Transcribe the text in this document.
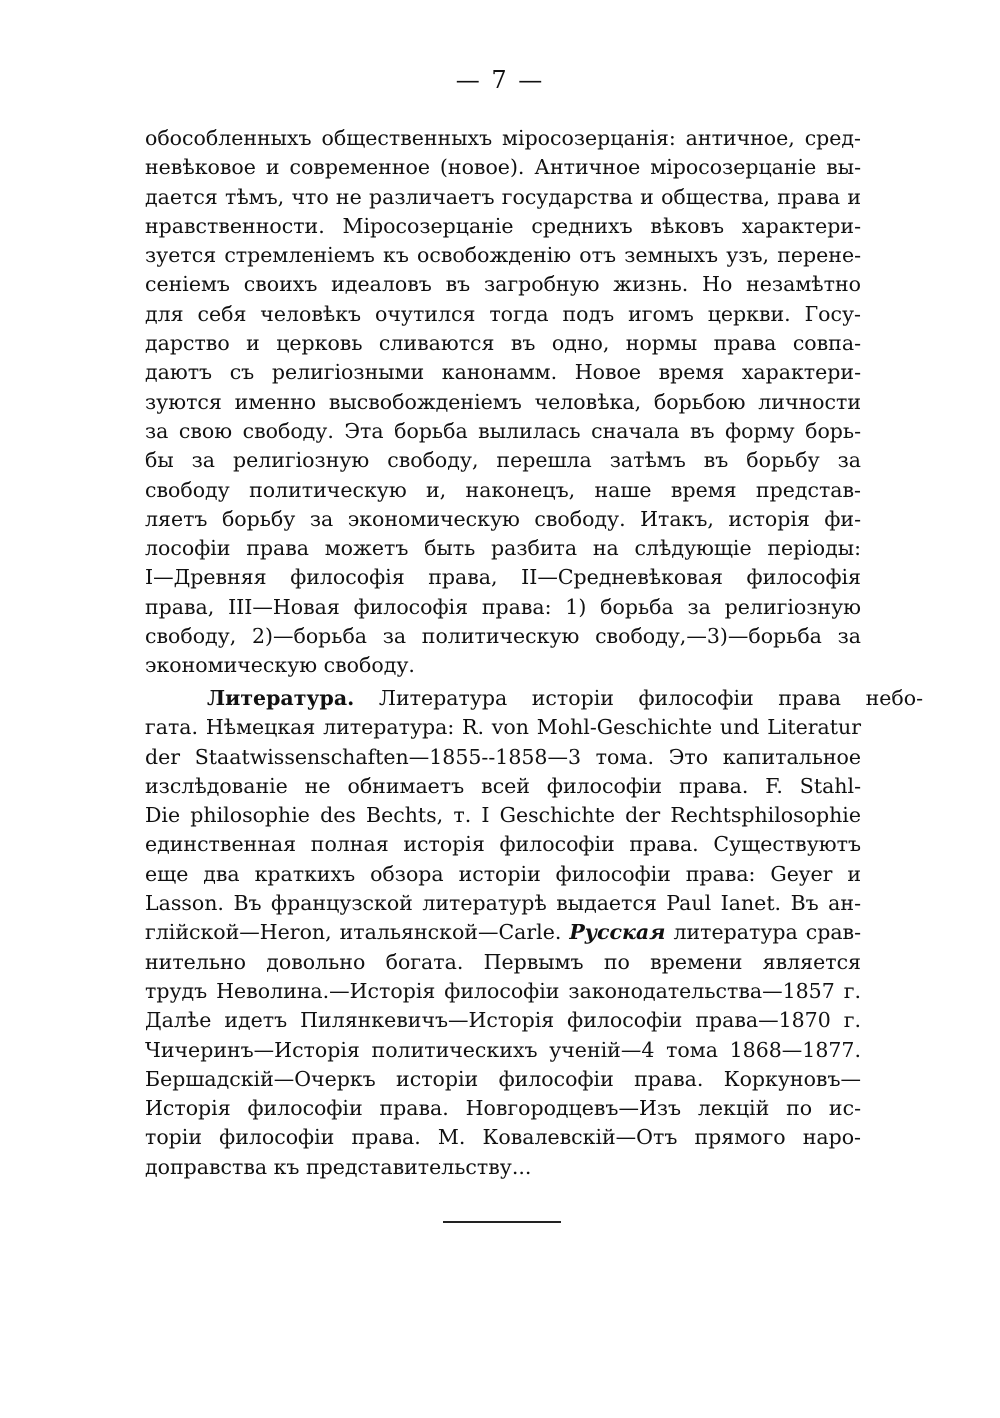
— 7 —
обособленныхъ общественныхъ міросозерцанія: античное, сред-
невѣковое и современное (новое). Античное міросозерцаніе вы-
дается тѣмъ, что не различаетъ государства и общества, права и
нравственности. Міросозерцаніе среднихъ вѣковъ характери-
зуется стремленіемъ къ освобожденію отъ земныхъ узъ, перене-
сеніемъ своихъ идеаловъ въ загробную жизнь. Но незамѣтно
для себя человѣкъ очутился тогда подъ игомъ церкви. Госу-
дарство и церковь сливаются въ одно, нормы права совпа-
даютъ съ религіозными канонамм. Новое время характери-
зуются именно высвобожденіемъ человѣка, борьбою личности
за свою свободу. Эта борьба вылилась сначала въ форму борь-
бы за религіозную свободу, перешла затѣмъ въ борьбу за
свободу политическую и, наконецъ, наше время представ-
ляетъ борьбу за экономическую свободу. Итакъ, исторія фи-
лософіи права можетъ быть разбита на слѣдующіе періоды:
I—Древняя философія права, II—Средневѣковая философія
права, III—Новая философія права: 1) борьба за религіозную
свободу, 2)—борьба за политическую свободу,—3)—борьба за
экономическую свободу.
Литература. Литература исторіи философіи права небо-
гата. Нѣмецкая литература: R. von Mohl-Geschichte und Literatur
der Staatwissenschaften—1855--1858—3 тома. Это капитальное
изслѣдованіе не обнимаетъ всей философіи права. F. Stahl-
Die philosophie des Bechts, т. I Geschichte der Rechtsphilosophie
единственная полная исторія философіи права. Существуютъ
еще два краткихъ обзора исторіи философіи права: Geyer и
Lasson. Въ французской литературѣ выдается Paul Ianet. Въ ан-
глійской—Heron, итальянской—Carle. Русская литература срав-
нительно довольно богата. Первымъ по времени является
трудъ Неволина.—Исторія философіи законодательства—1857 г.
Далѣе идетъ Пилянкевичъ—Исторія философіи права—1870 г.
Чичеринъ—Исторія политическихъ ученій—4 тома 1868—1877.
Бершадскій—Очеркъ исторіи философіи права. Коркуновъ—
Исторія философіи права. Новгородцевъ—Изъ лекцій по ис-
торіи философіи права. М. Ковалевскій—Отъ прямого наро-
доправства къ представительству...
